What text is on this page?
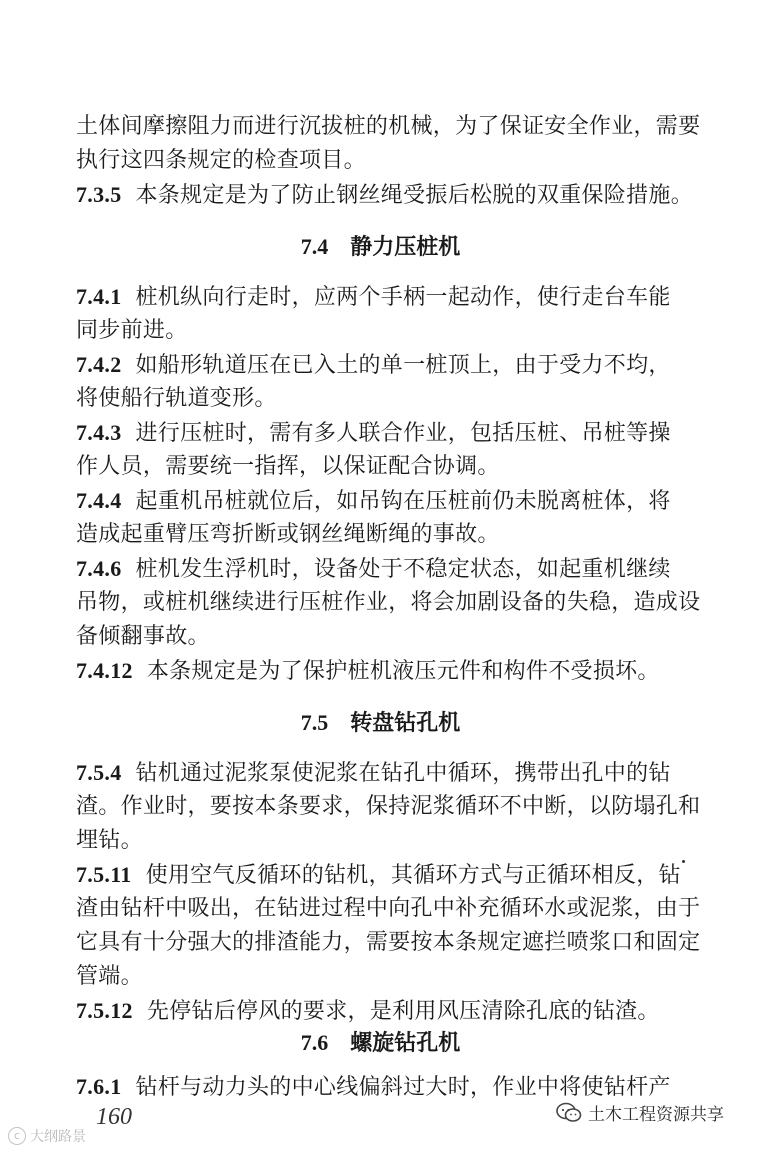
土体间摩擦阻力而进行沉拔桩的机械，为了保证安全作业，需要
执行这四条规定的检查项目。
7.3.5 本条规定是为了防止钢丝绳受振后松脱的双重保险措施。
7.4 静力压桩机
7.4.1 桩机纵向行走时，应两个手柄一起动作，使行走台车能
同步前进。
7.4.2 如船形轨道压在已入土的单一桩顶上，由于受力不均，
将使船行轨道变形。
7.4.3 进行压桩时，需有多人联合作业，包括压桩、吊桩等操
作人员，需要统一指挥，以保证配合协调。
7.4.4 起重机吊桩就位后，如吊钩在压桩前仍未脱离桩体，将
造成起重臂压弯折断或钢丝绳断绳的事故。
7.4.6 桩机发生浮机时，设备处于不稳定状态，如起重机继续
吊物，或桩机继续进行压桩作业，将会加剧设备的失稳，造成设
备倾翻事故。
7.4.12 本条规定是为了保护桩机液压元件和构件不受损坏。
7.5 转盘钻孔机
7.5.4 钻机通过泥浆泵使泥浆在钻孔中循环，携带出孔中的钻
渣。作业时，要按本条要求，保持泥浆循环不中断，以防塌孔和
埋钻。
7.5.11 使用空气反循环的钻机，其循环方式与正循环相反，钻
渣由钻杆中吸出，在钻进过程中向孔中补充循环水或泥浆，由于
它具有十分强大的排渣能力，需要按本条规定遮拦喷浆口和固定
管端。
7.5.12 先停钻后停风的要求，是利用风压清除孔底的钻渣。
7.6 螺旋钻孔机
7.6.1 钻杆与动力头的中心线偏斜过大时，作业中将使钻杆产
160
c 大纲路景
土木工程资源共享
